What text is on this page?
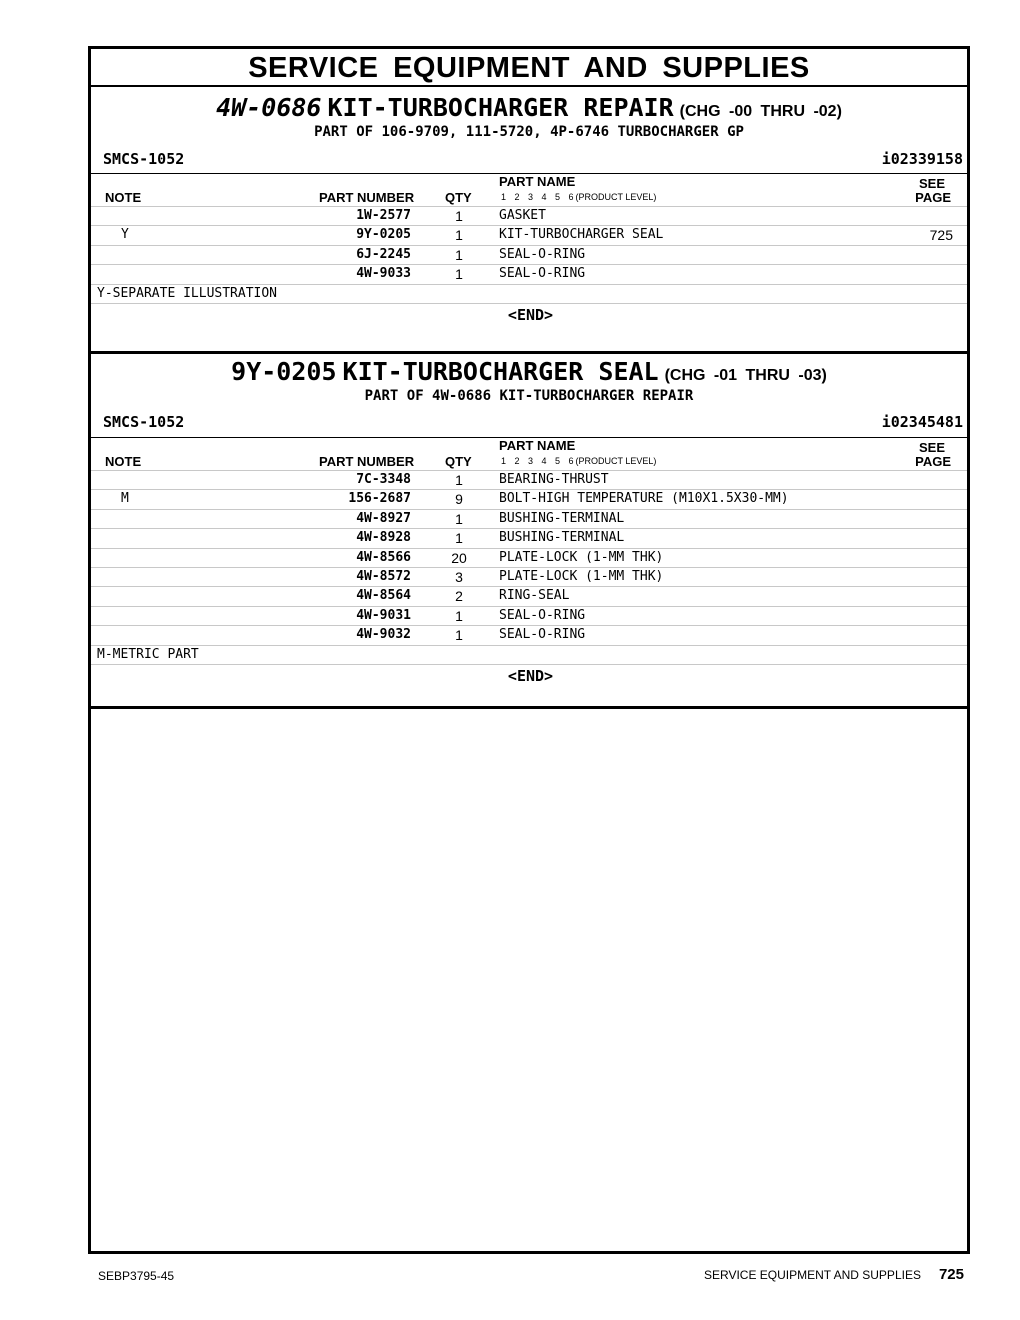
SERVICE EQUIPMENT AND SUPPLIES
4W-0686 KIT-TURBOCHARGER REPAIR (CHG -00 THRU -02)
PART OF 106-9709, 111-5720, 4P-6746 TURBOCHARGER GP
SMCS-1052	i02339158
NOTE	PART NUMBER QTY
PART NAME
1 2 3 4 5 6 (PRODUCT LEVEL)
SEE
PAGE
1W-2577	1	GASKET
Y	9Y-0205	1	KIT-TURBOCHARGER SEAL	725
6J-2245	1	SEAL-O-RING
4W-9033	1	SEAL-O-RING
Y-SEPARATE ILLUSTRATION
<END>
9Y-0205 KIT-TURBOCHARGER SEAL (CHG -01 THRU -03)
PART OF 4W-0686 KIT-TURBOCHARGER REPAIR
SMCS-1052	i02345481
NOTE	PART NUMBER QTY
PART NAME
1 2 3 4 5 6 (PRODUCT LEVEL)
SEE
PAGE
7C-3348	1	BEARING-THRUST
M	156-2687	9	BOLT-HIGH TEMPERATURE (M10X1.5X30-MM)
4W-8927	1	BUSHING-TERMINAL
4W-8928	1	BUSHING-TERMINAL
4W-8566	20	PLATE-LOCK (1-MM THK)
4W-8572	3	PLATE-LOCK (1-MM THK)
4W-8564	2	RING-SEAL
4W-9031	1	SEAL-O-RING
4W-9032	1	SEAL-O-RING
M-METRIC PART
<END>
SEBP3795-45	SERVICE EQUIPMENT AND SUPPLIES 725
